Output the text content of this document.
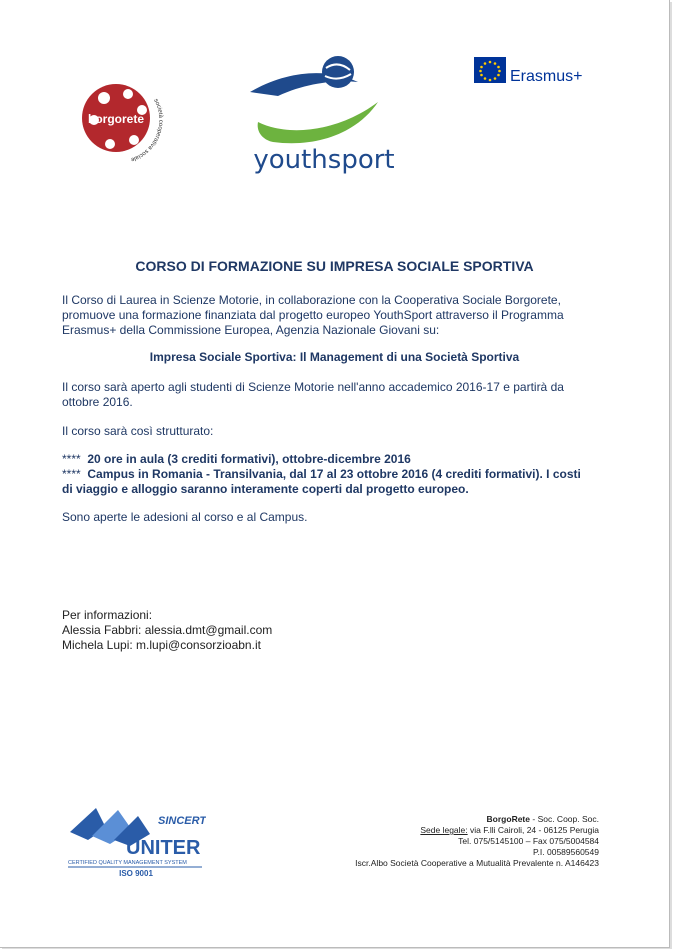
borgorete
società cooperativa sociale	youthsport
Erasmus+
CORSO DI FORMAZIONE SU IMPRESA SOCIALE SPORTIVA
Il Corso di Laurea in Scienze Motorie, in collaborazione con la Cooperativa Sociale Borgorete,
promuove una formazione finanziata dal progetto europeo YouthSport attraverso il Programma
Erasmus+ della Commissione Europea, Agenzia Nazionale Giovani su:
Impresa Sociale Sportiva: Il Management di una Società Sportiva
Il corso sarà aperto agli studenti di Scienze Motorie nell'anno accademico 2016-17 e partirà da
ottobre 2016.
Il corso sarà così strutturato:
**** 20 ore in aula (3 crediti formativi), ottobre-dicembre 2016
**** Campus in Romania - Transilvania, dal 17 al 23 ottobre 2016 (4 crediti formativi). I costi
di viaggio e alloggio saranno interamente coperti dal progetto europeo.
Sono aperte le adesioni al corso e al Campus.
Per informazioni:
Alessia Fabbri: alessia.dmt@gmail.com
Michela Lupi: m.lupi@consorzioabn.it
SINCERT
UNITER
CERTIFIED QUALITY MANAGEMENT SYSTEM
ISO 9001
BorgoRete - Soc. Coop. Soc.
Sede legale: via F.lli Cairoli, 24 - 06125 Perugia
Tel. 075/5145100 – Fax 075/5004584
P.I. 00589560549
Iscr.Albo Società Cooperative a Mutualità Prevalente n. A146423
